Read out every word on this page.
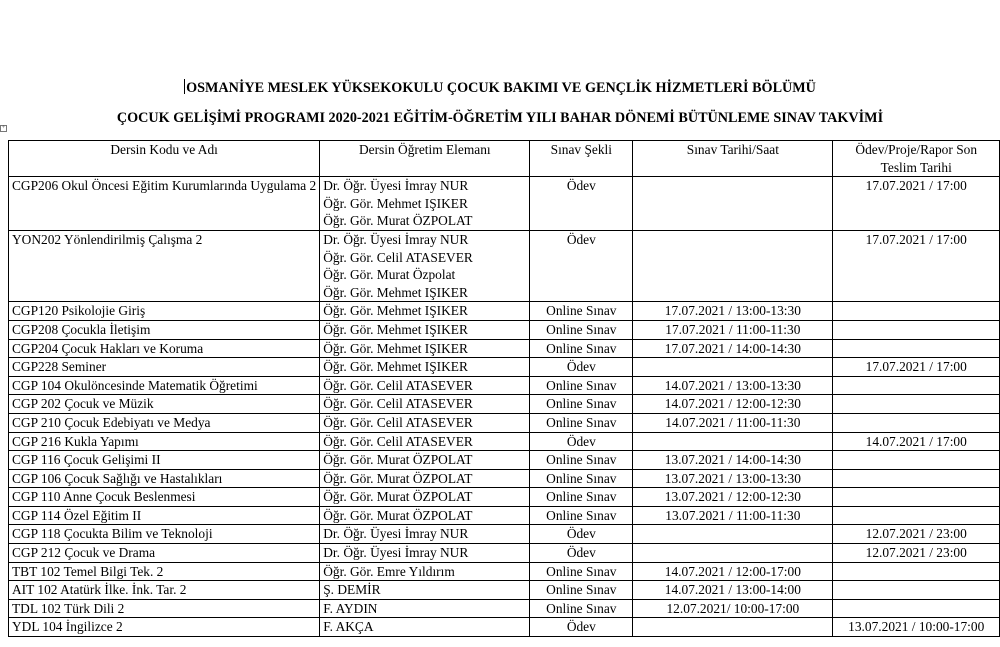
OSMANİYE MESLEK YÜKSEKOKULU ÇOCUK BAKIMI VE GENÇLİK HİZMETLERİ BÖLÜMÜ
ÇOCUK GELİŞİMİ PROGRAMI 2020-2021 EĞİTİM-ÖĞRETİM YILI BAHAR DÖNEMİ BÜTÜNLEME SINAV TAKVİMİ
+
Dersin Kodu ve Adı	Dersin Öğretim Elemanı	Sınav Şekli	Sınav Tarihi/Saat	Ödev/Proje/Rapor Son
Teslim Tarihi
CGP206 Okul Öncesi Eğitim Kurumlarında Uygulama 2	Dr. Öğr. Üyesi İmray NUR
Öğr. Gör. Mehmet IŞIKER
Öğr. Gör. Murat ÖZPOLAT	Ödev		17.07.2021 / 17:00
YON202 Yönlendirilmiş Çalışma 2	Dr. Öğr. Üyesi İmray NUR
Öğr. Gör. Celil ATASEVER
Öğr. Gör. Murat Özpolat
Öğr. Gör. Mehmet IŞIKER	Ödev		17.07.2021 / 17:00
CGP120 Psikolojie Giriş	Öğr. Gör. Mehmet IŞIKER	Online Sınav	17.07.2021 / 13:00-13:30	
CGP208 Çocukla İletişim	Öğr. Gör. Mehmet IŞIKER	Online Sınav	17.07.2021 / 11:00-11:30	
CGP204 Çocuk Hakları ve Koruma	Öğr. Gör. Mehmet IŞIKER	Online Sınav	17.07.2021 / 14:00-14:30	
CGP228 Seminer	Öğr. Gör. Mehmet IŞIKER	Ödev		17.07.2021 / 17:00
CGP 104 Okulöncesinde Matematik Öğretimi	Öğr. Gör. Celil ATASEVER	Online Sınav	14.07.2021 / 13:00-13:30	
CGP 202 Çocuk ve Müzik	Öğr. Gör. Celil ATASEVER	Online Sınav	14.07.2021 / 12:00-12:30	
CGP 210 Çocuk Edebiyatı ve Medya	Öğr. Gör. Celil ATASEVER	Online Sınav	14.07.2021 / 11:00-11:30	
CGP 216 Kukla Yapımı	Öğr. Gör. Celil ATASEVER	Ödev		14.07.2021 / 17:00
CGP 116 Çocuk Gelişimi II	Öğr. Gör. Murat ÖZPOLAT	Online Sınav	13.07.2021 / 14:00-14:30	
CGP 106 Çocuk Sağlığı ve Hastalıkları	Öğr. Gör. Murat ÖZPOLAT	Online Sınav	13.07.2021 / 13:00-13:30	
CGP 110 Anne Çocuk Beslenmesi	Öğr. Gör. Murat ÖZPOLAT	Online Sınav	13.07.2021 / 12:00-12:30	
CGP 114 Özel Eğitim II	Öğr. Gör. Murat ÖZPOLAT	Online Sınav	13.07.2021 / 11:00-11:30	
CGP 118 Çocukta Bilim ve Teknoloji	Dr. Öğr. Üyesi İmray NUR	Ödev		12.07.2021 / 23:00
CGP 212 Çocuk ve Drama	Dr. Öğr. Üyesi İmray NUR	Ödev		12.07.2021 / 23:00
TBT 102 Temel Bilgi Tek. 2	Öğr. Gör. Emre Yıldırım	Online Sınav	14.07.2021 / 12:00-17:00	
AIT 102 Atatürk İlke. İnk. Tar. 2	Ş. DEMİR	Online Sınav	14.07.2021 / 13:00-14:00	
TDL 102 Türk Dili 2	F. AYDIN	Online Sınav	12.07.2021/ 10:00-17:00	
YDL 104 İngilizce 2	F. AKÇA	Ödev		13.07.2021 / 10:00-17:00
